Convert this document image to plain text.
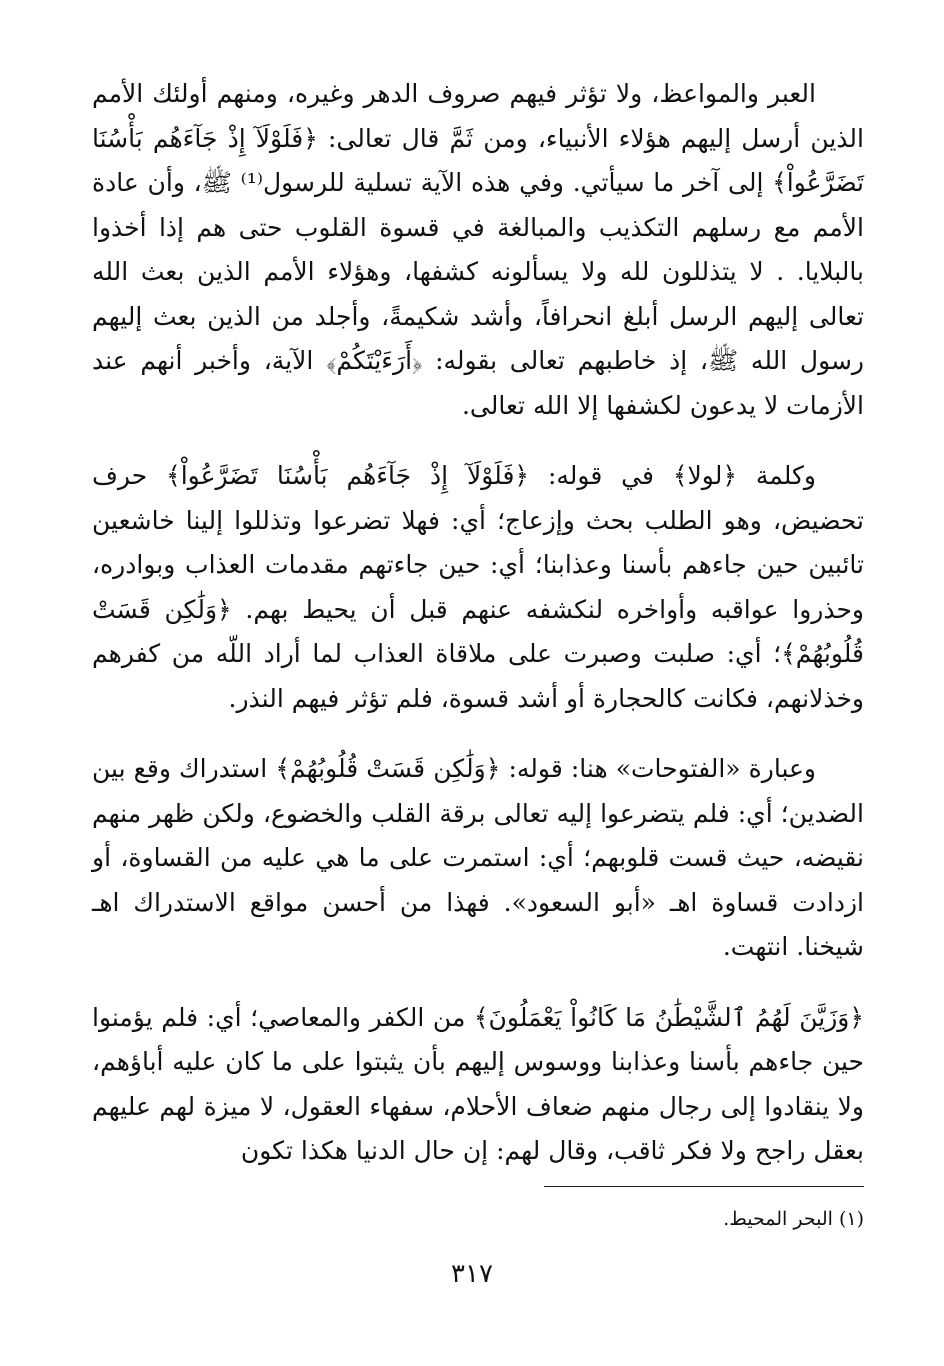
العبر والمواعظ، ولا تؤثر فيهم صروف الدهر وغيره، ومنهم أولئك الأمم الذين أرسل إليهم هؤلاء الأنبياء، ومن ثَمَّ قال تعالى: ﴿فَلَوْلَآ إِذْ جَآءَهُم بَأْسُنَا تَضَرَّعُواْ﴾ إلى آخر ما سيأتي. وفي هذه الآية تسلية للرسول⁽¹⁾ ﷺ، وأن عادة الأمم مع رسلهم التكذيب والمبالغة في قسوة القلوب حتى هم إذا أخذوا بالبلايا. . لا يتذللون لله ولا يسألونه كشفها، وهؤلاء الأمم الذين بعث الله تعالى إليهم الرسل أبلغ انحرافاً، وأشد شكيمةً، وأجلد من الذين بعث إليهم رسول الله ﷺ، إذ خاطبهم تعالى بقوله: ﴿أَرَءَيْتَكُمْ﴾ الآية، وأخبر أنهم عند الأزمات لا يدعون لكشفها إلا الله تعالى.

وكلمة ﴿لولا﴾ في قوله: ﴿فَلَوْلَآ إِذْ جَآءَهُم بَأْسُنَا تَضَرَّعُواْ﴾ حرف تحضيض، وهو الطلب بحث وإزعاج؛ أي: فهلا تضرعوا وتذللوا إلينا خاشعين تائبين حين جاءهم بأسنا وعذابنا؛ أي: حين جاءتهم مقدمات العذاب وبوادره، وحذروا عواقبه وأواخره لنكشفه عنهم قبل أن يحيط بهم. ﴿وَلَٰكِن قَسَتْ قُلُوبُهُمْ﴾؛ أي: صلبت وصبرت على ملاقاة العذاب لما أراد اللّه من كفرهم وخذلانهم، فكانت كالحجارة أو أشد قسوة، فلم تؤثر فيهم النذر.

وعبارة «الفتوحات» هنا: قوله: ﴿وَلَٰكِن قَسَتْ قُلُوبُهُمْ﴾ استدراك وقع بين الضدين؛ أي: فلم يتضرعوا إليه تعالى برقة القلب والخضوع، ولكن ظهر منهم نقيضه، حيث قست قلوبهم؛ أي: استمرت على ما هي عليه من القساوة، أو ازدادت قساوة اهـ «أبو السعود». فهذا من أحسن مواقع الاستدراك اهـ شيخنا. انتهت.

﴿وَزَيَّنَ لَهُمُ ٱلشَّيْطَٰنُ مَا كَانُواْ يَعْمَلُونَ﴾ من الكفر والمعاصي؛ أي: فلم يؤمنوا حين جاءهم بأسنا وعذابنا ووسوس إليهم بأن يثبتوا على ما كان عليه أباؤهم، ولا ينقادوا إلى رجال منهم ضعاف الأحلام، سفهاء العقول، لا ميزة لهم عليهم بعقل راجح ولا فكر ثاقب، وقال لهم: إن حال الدنيا هكذا تكون

(١) البحر المحيط.
٣١٧
